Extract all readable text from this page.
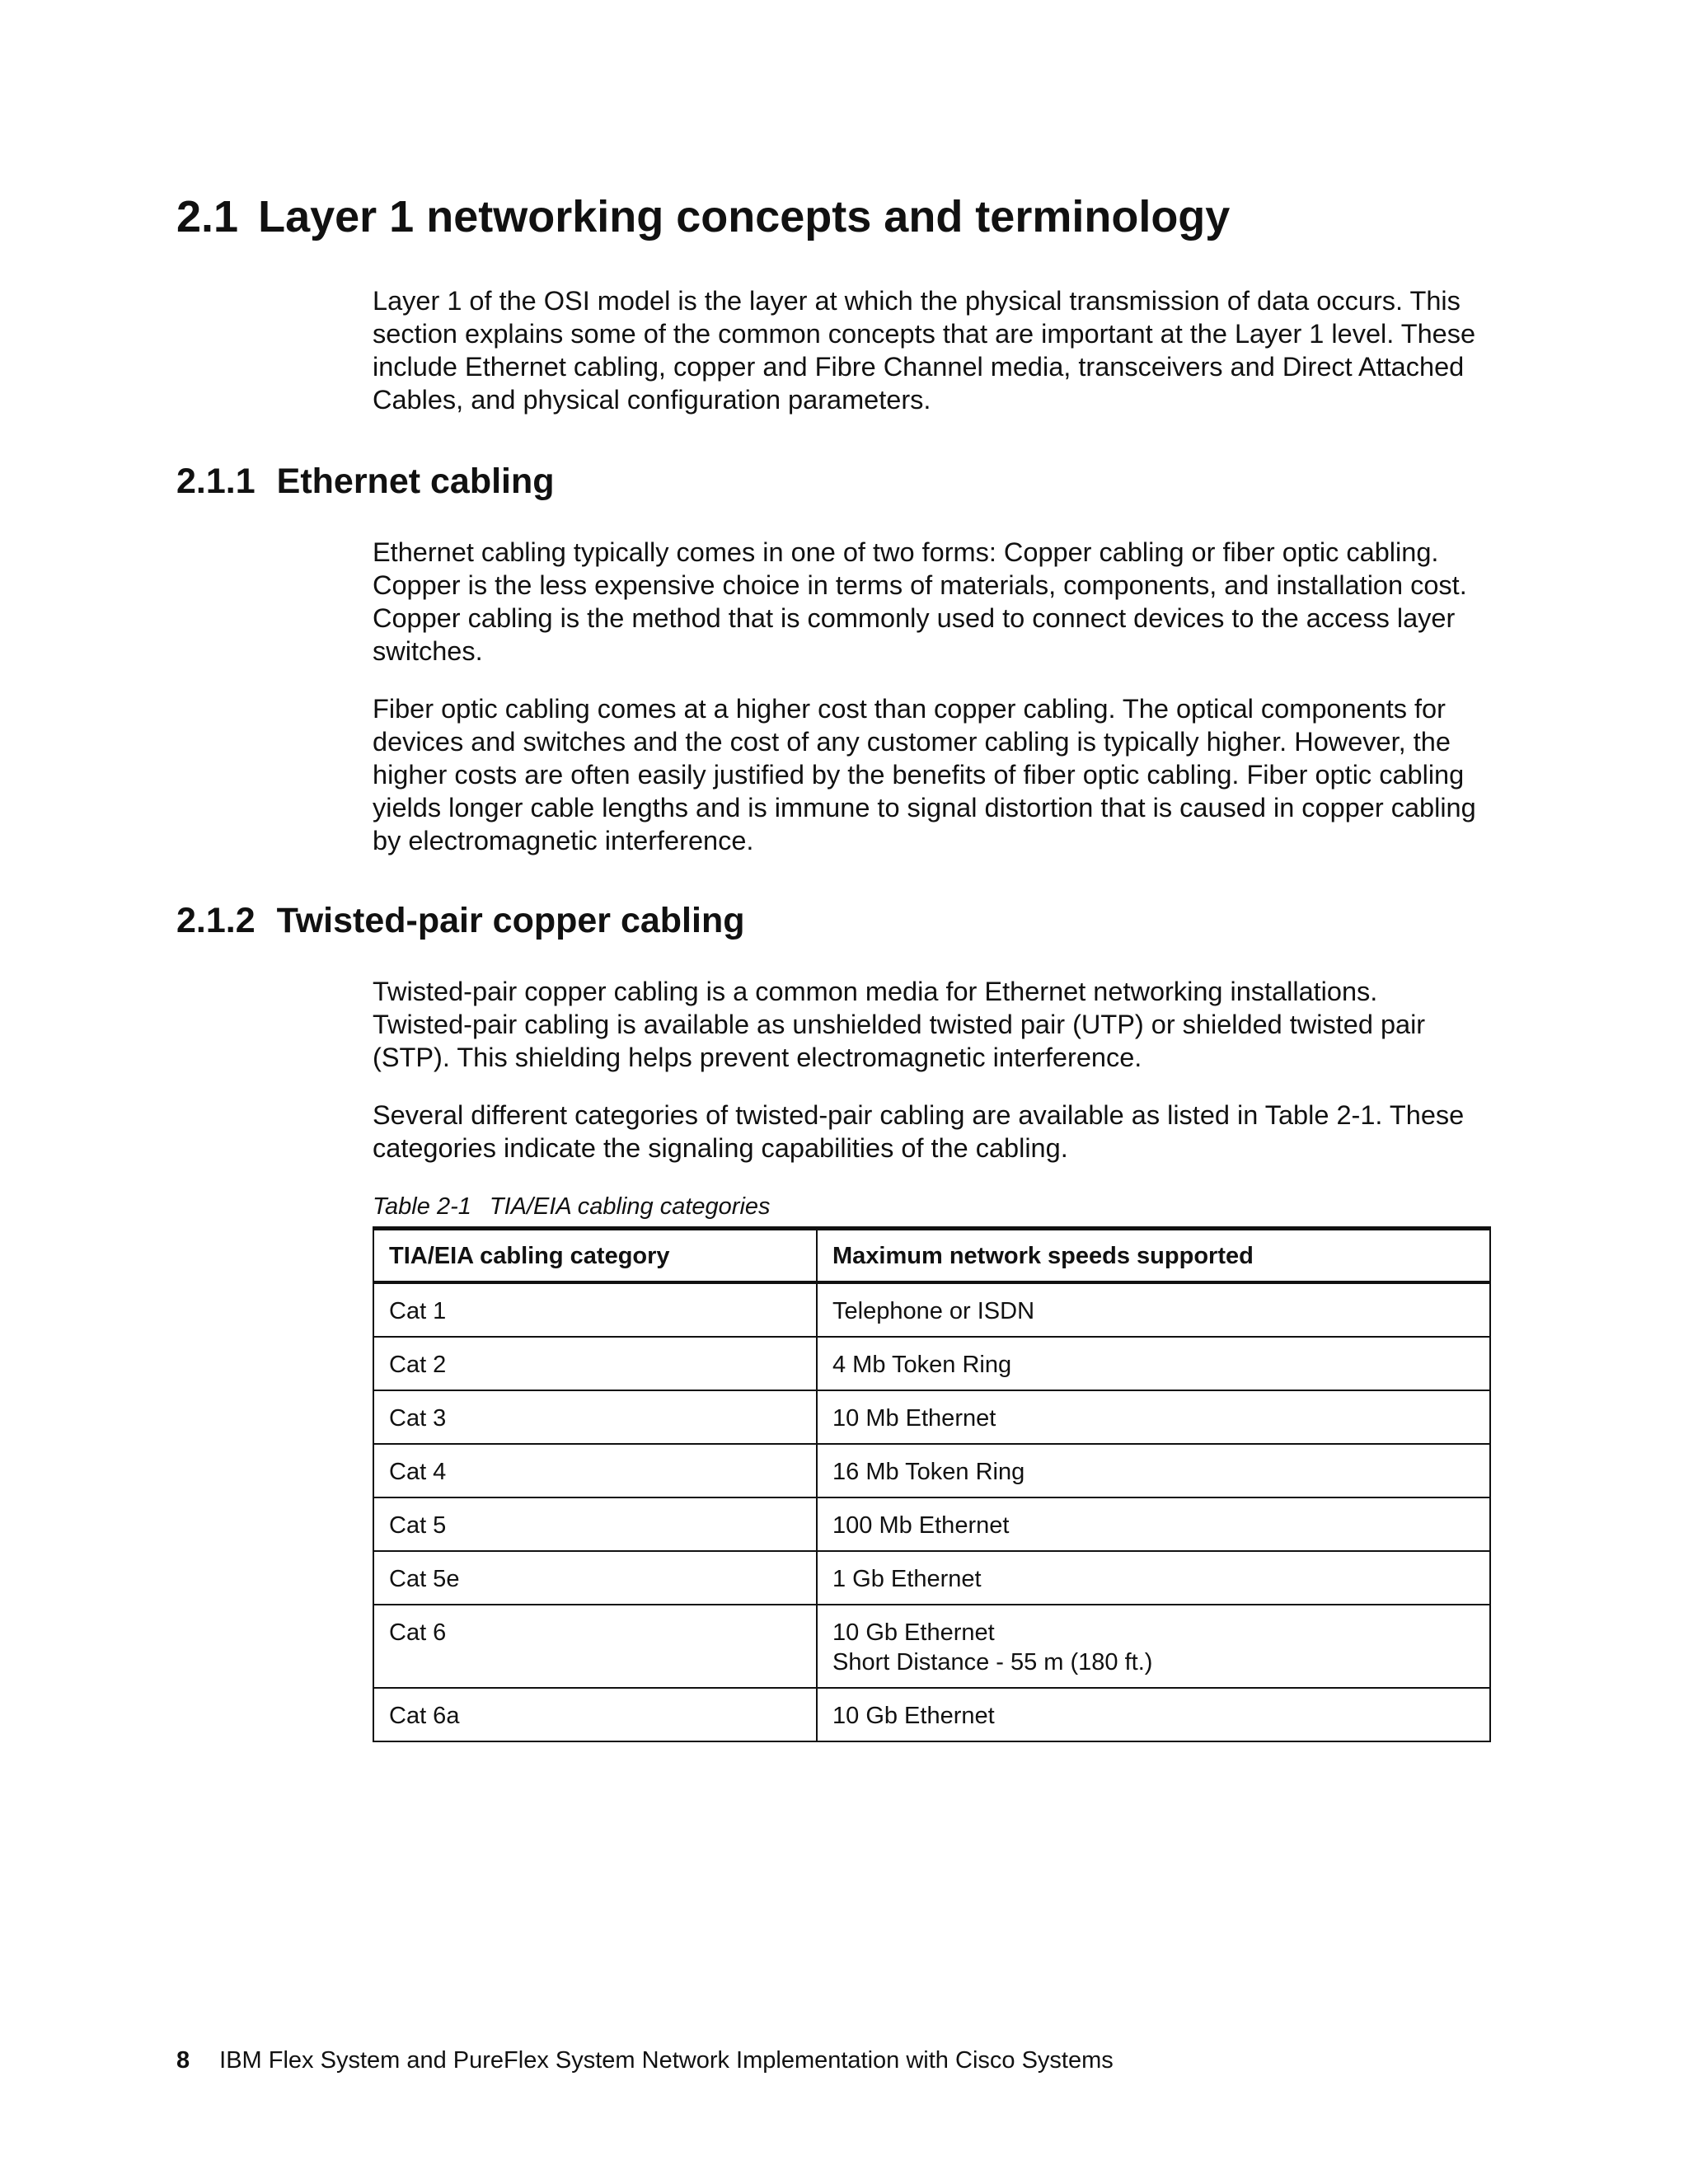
2.1 Layer 1 networking concepts and terminology
Layer 1 of the OSI model is the layer at which the physical transmission of data occurs. This
section explains some of the common concepts that are important at the Layer 1 level. These
include Ethernet cabling, copper and Fibre Channel media, transceivers and Direct Attached
Cables, and physical configuration parameters.
2.1.1 Ethernet cabling
Ethernet cabling typically comes in one of two forms: Copper cabling or fiber optic cabling.
Copper is the less expensive choice in terms of materials, components, and installation cost.
Copper cabling is the method that is commonly used to connect devices to the access layer
switches.
Fiber optic cabling comes at a higher cost than copper cabling. The optical components for
devices and switches and the cost of any customer cabling is typically higher. However, the
higher costs are often easily justified by the benefits of fiber optic cabling. Fiber optic cabling
yields longer cable lengths and is immune to signal distortion that is caused in copper cabling
by electromagnetic interference.
2.1.2 Twisted-pair copper cabling
Twisted-pair copper cabling is a common media for Ethernet networking installations.
Twisted-pair cabling is available as unshielded twisted pair (UTP) or shielded twisted pair
(STP). This shielding helps prevent electromagnetic interference.
Several different categories of twisted-pair cabling are available as listed in Table 2-1. These
categories indicate the signaling capabilities of the cabling.

Table 2-1 TIA/EIA cabling categories

TIA/EIA cabling category	Maximum network speeds supported
Cat 1	Telephone or ISDN

Cat 2	4 Mb Token Ring

Cat 3	10 Mb Ethernet

Cat 4	16 Mb Token Ring

Cat 5	100 Mb Ethernet

Cat 5e	1 Gb Ethernet

Cat 6	10 Gb Ethernet
Short Distance - 55 m (180 ft.)

Cat 6a	10 Gb Ethernet

8 IBM Flex System and PureFlex System Network Implementation with Cisco Systems
